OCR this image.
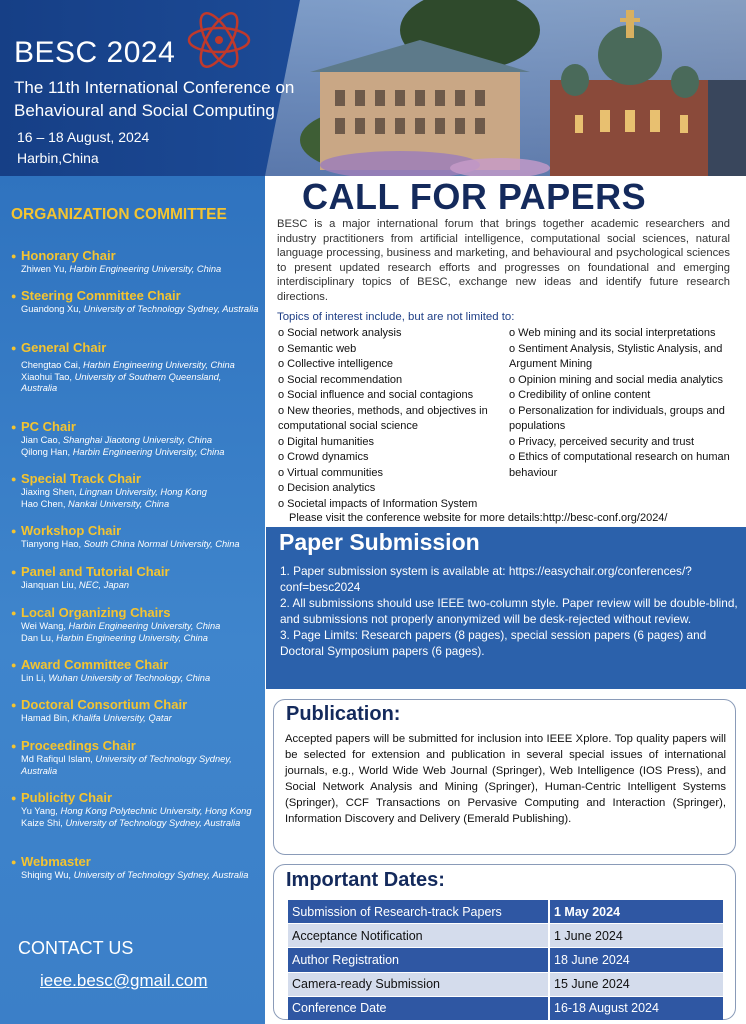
BESC 2024
The 11th International Conference on
Behavioural and Social Computing
16 – 18 August, 2024
Harbin,China
ORGANIZATION COMMITTEE
● Honorary Chair
Zhiwen Yu, Harbin Engineering University, China
● Steering Committee Chair
Guandong Xu, University of Technology Sydney, Australia
● General Chair
Chengtao Cai, Harbin Engineering University, China
Xiaohui Tao, University of Southern Queensland, Australia
● PC Chair
Jian Cao, Shanghai Jiaotong University, China
Qilong Han, Harbin Engineering University, China
● Special Track Chair
Jiaxing Shen, Lingnan University, Hong Kong
Hao Chen, Nankai University, China
● Workshop Chair
Tianyong Hao, South China Normal University, China
● Panel and Tutorial Chair
Jianquan Liu, NEC, Japan
● Local Organizing Chairs
Wei Wang, Harbin Engineering University, China
Dan Lu, Harbin Engineering University, China
● Award Committee Chair
Lin Li, Wuhan University of Technology, China
● Doctoral Consortium Chair
Hamad Bin, Khalifa University, Qatar
● Proceedings Chair
Md Rafiqul Islam, University of Technology Sydney, Australia
● Publicity Chair
Yu Yang, Hong Kong Polytechnic University, Hong Kong
Kaize Shi, University of Technology Sydney, Australia
● Webmaster
Shiqing Wu, University of Technology Sydney, Australia
CONTACT US
ieee.besc@gmail.com
CALL FOR PAPERS
BESC is a major international forum that brings together academic researchers and industry practitioners from artificial intelligence, computational social sciences, natural language processing, business and marketing, and behavioural and psychological sciences to present updated research efforts and progresses on foundational and emerging interdisciplinary topics of BESC, exchange new ideas and identify future research directions.
Topics of interest include, but are not limited to:
o Social network analysis
o Semantic web
o Collective intelligence
o Social recommendation
o Social influence and social contagions
o New theories, methods, and objectives in computational social science
o Digital humanities
o Crowd dynamics
o Virtual communities
o Decision analytics
o Societal impacts of Information System
o Web mining and its social interpretations
o Sentiment Analysis, Stylistic Analysis, and Argument Mining
o Opinion mining and social media analytics
o Credibility of online content
o Personalization for individuals, groups and populations
o Privacy, perceived security and trust
o Ethics of computational research on human behaviour
Please visit the conference website for more details:http://besc-conf.org/2024/
Paper Submission
1. Paper submission system is available at: https://easychair.org/conferences/?conf=besc2024
2. All submissions should use IEEE two-column style. Paper review will be double-blind, and submissions not properly anonymized will be desk-rejected without review.
3. Page Limits: Research papers (8 pages), special session papers (6 pages) and Doctoral Symposium papers (6 pages).
Publication:
Accepted papers will be submitted for inclusion into IEEE Xplore. Top quality papers will be selected for extension and publication in several special issues of international journals, e.g., World Wide Web Journal (Springer), Web Intelligence (IOS Press), and Social Network Analysis and Mining (Springer), Human-Centric Intelligent Systems (Springer), CCF Transactions on Pervasive Computing and Interaction (Springer), Information Discovery and Delivery (Emerald Publishing).
Important Dates:
Submission of Research-track Papers	1 May 2024
Acceptance Notification	1 June 2024
Author Registration	18 June 2024
Camera-ready Submission	15 June 2024
Conference Date	16-18 August 2024
